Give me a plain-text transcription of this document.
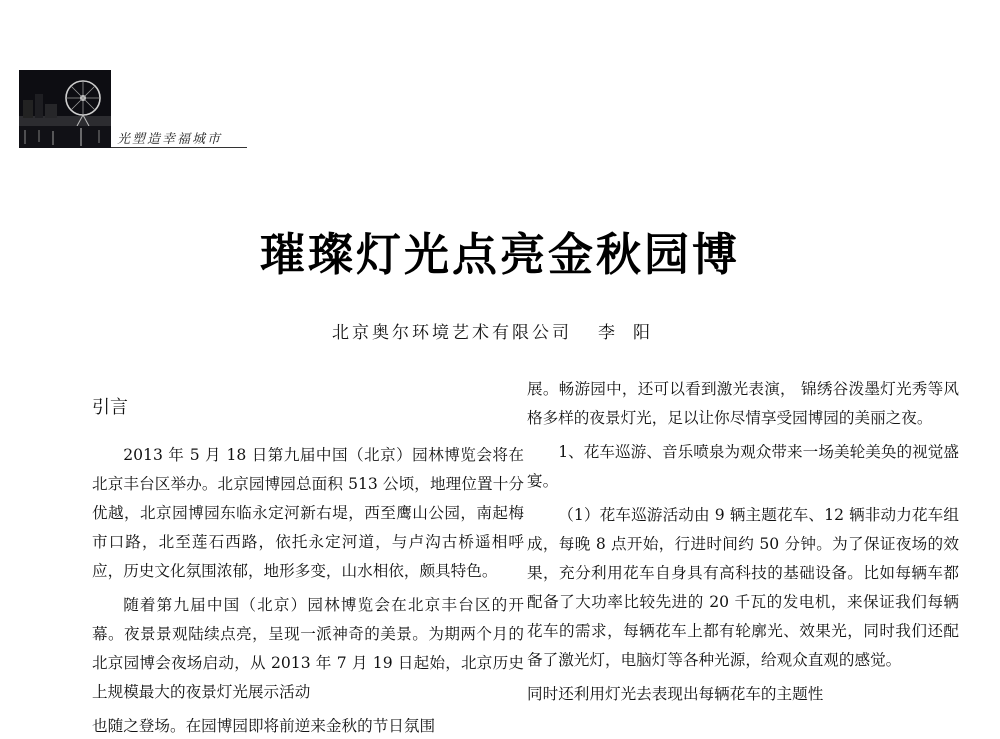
光塑造幸福城市
璀璨灯光点亮金秋园博
北京奥尔环境艺术有限公司 李阳
引言

2013 年 5 月 18 日第九届中国（北京）园林博览会将在北京丰台区举办。北京园博园总面积 513 公顷，地理位置十分优越，北京园博园东临永定河新右堤，西至鹰山公园，南起梅市口路，北至莲石西路，依托永定河道，与卢沟古桥遥相呼应，历史文化氛围浓郁，地形多变，山水相依，颇具特色。

随着第九届中国（北京）园林博览会在北京丰台区的开幕。夜景景观陆续点亮，呈现一派神奇的美景。为期两个月的北京园博会夜场启动，从 2013 年 7 月 19 日起始，北京历史上规模最大的夜景灯光展示活动

也随之登场。在园博园即将前逆来金秋的节日氛围

展。畅游园中，还可以看到激光表演， 锦绣谷泼墨灯光秀等风格多样的夜景灯光，足以让你尽情享受园博园的美丽之夜。

1、花车巡游、音乐喷泉为观众带来一场美轮美奂的视觉盛宴。

（1）花车巡游活动由 9 辆主题花车、12 辆非动力花车组成，每晚 8 点开始，行进时间约 50 分钟。为了保证夜场的效果，充分利用花车自身具有高科技的基础设备。比如每辆车都配备了大功率比较先进的 20 千瓦的发电机，来保证我们每辆花车的需求，每辆花车上都有轮廓光、效果光，同时我们还配备了激光灯，电脑灯等各种光源，给观众直观的感觉。

同时还利用灯光去表现出每辆花车的主题性
